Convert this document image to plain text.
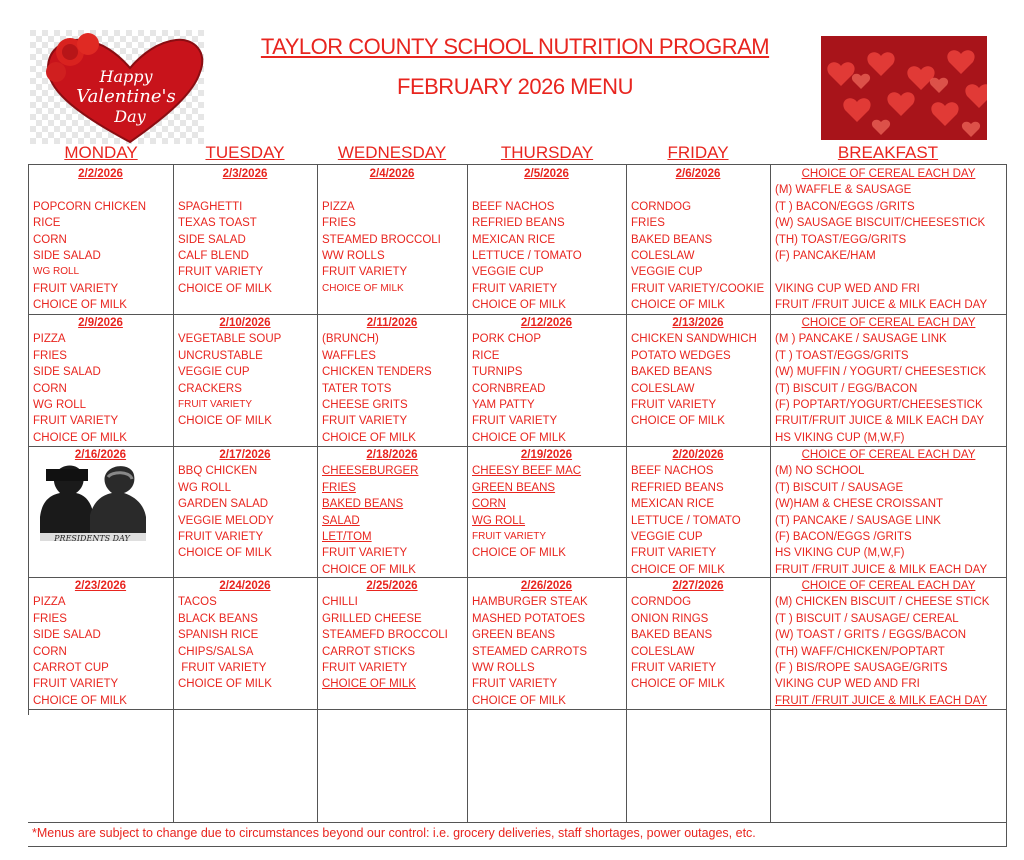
Happy
Valentine's
Day
TAYLOR COUNTY SCHOOL NUTRITION PROGRAM
FEBRUARY 2026 MENU
MONDAY	TUESDAY	WEDNESDAY	THURSDAY	FRIDAY	BREAKFAST
2/2/2026

POPCORN CHICKEN
RICE
CORN
SIDE SALAD
WG ROLL
FRUIT VARIETY
CHOICE OF MILK
2/3/2026

SPAGHETTI
TEXAS TOAST
SIDE SALAD
CALF BLEND
FRUIT VARIETY
CHOICE OF MILK
2/4/2026

PIZZA
FRIES
STEAMED BROCCOLI
WW ROLLS
FRUIT VARIETY
CHOICE OF MILK
2/5/2026

BEEF NACHOS
REFRIED BEANS
MEXICAN RICE
LETTUCE / TOMATO
VEGGIE CUP
FRUIT VARIETY
CHOICE OF MILK
2/6/2026

CORNDOG
FRIES
BAKED BEANS
COLESLAW
VEGGIE CUP
FRUIT VARIETY/COOKIE
CHOICE OF MILK
CHOICE OF CEREAL EACH DAY
(M) WAFFLE & SAUSAGE
(T ) BACON/EGGS /GRITS
(W) SAUSAGE BISCUIT/CHEESESTICK
(TH) TOAST/EGG/GRITS
(F) PANCAKE/HAM

VIKING CUP WED AND FRI
FRUIT /FRUIT JUICE & MILK EACH DAY
2/9/2026
PIZZA
FRIES
SIDE SALAD
CORN
WG ROLL
FRUIT VARIETY
CHOICE OF MILK
2/10/2026
VEGETABLE SOUP
UNCRUSTABLE
VEGGIE CUP
CRACKERS
FRUIT VARIETY
CHOICE OF MILK
2/11/2026
(BRUNCH)
WAFFLES
CHICKEN TENDERS
TATER TOTS
CHEESE GRITS
FRUIT VARIETY
CHOICE OF MILK
2/12/2026
PORK CHOP
RICE
TURNIPS
CORNBREAD
YAM PATTY
FRUIT VARIETY
CHOICE OF MILK
2/13/2026
CHICKEN SANDWHICH
POTATO WEDGES
BAKED BEANS
COLESLAW
FRUIT VARIETY
CHOICE OF MILK
CHOICE OF CEREAL EACH DAY
(M ) PANCAKE / SAUSAGE LINK
(T ) TOAST/EGGS/GRITS
(W) MUFFIN / YOGURT/ CHEESESTICK
(T) BISCUIT / EGG/BACON
(F) POPTART/YOGURT/CHEESESTICK
FRUIT/FRUIT JUICE & MILK EACH DAY
HS VIKING CUP (M,W,F)
2/16/2026
PRESIDENTS DAY
2/17/2026
BBQ CHICKEN
WG ROLL
GARDEN SALAD
VEGGIE MELODY
FRUIT VARIETY
CHOICE OF MILK
2/18/2026
CHEESEBURGER
FRIES
BAKED BEANS
SALAD
LET/TOM
FRUIT VARIETY
CHOICE OF MILK
2/19/2026
CHEESY BEEF MAC
GREEN BEANS
CORN
WG ROLL
FRUIT VARIETY
CHOICE OF MILK
2/20/2026
BEEF NACHOS
REFRIED BEANS
MEXICAN RICE
LETTUCE / TOMATO
VEGGIE CUP
FRUIT VARIETY
CHOICE OF MILK
CHOICE OF CEREAL EACH DAY
(M) NO SCHOOL
(T) BISCUIT / SAUSAGE
(W)HAM & CHESE CROISSANT
(T) PANCAKE / SAUSAGE LINK
(F) BACON/EGGS /GRITS
HS VIKING CUP (M,W,F)
FRUIT /FRUIT JUICE & MILK EACH DAY
2/23/2026
PIZZA
FRIES
SIDE SALAD
CORN
CARROT CUP
FRUIT VARIETY
CHOICE OF MILK
2/24/2026
TACOS
BLACK BEANS
SPANISH RICE
CHIPS/SALSA
FRUIT VARIETY
CHOICE OF MILK
2/25/2026
CHILLI
GRILLED CHEESE
STEAMEFD BROCCOLI
CARROT STICKS
FRUIT VARIETY
CHOICE OF MILK
2/26/2026
HAMBURGER STEAK
MASHED POTATOES
GREEN BEANS
STEAMED CARROTS
WW ROLLS
FRUIT VARIETY
CHOICE OF MILK
2/27/2026
CORNDOG
ONION RINGS
BAKED BEANS
COLESLAW
FRUIT VARIETY
CHOICE OF MILK
CHOICE OF CEREAL EACH DAY
(M) CHICKEN BISCUIT / CHEESE STICK
(T ) BISCUIT / SAUSAGE/ CEREAL
(W) TOAST / GRITS / EGGS/BACON
(TH) WAFF/CHICKEN/POPTART
(F ) BIS/ROPE SAUSAGE/GRITS
VIKING CUP WED AND FRI
FRUIT /FRUIT JUICE & MILK EACH DAY
*Menus are subject to change due to circumstances beyond our control: i.e. grocery deliveries, staff shortages, power outages, etc.
